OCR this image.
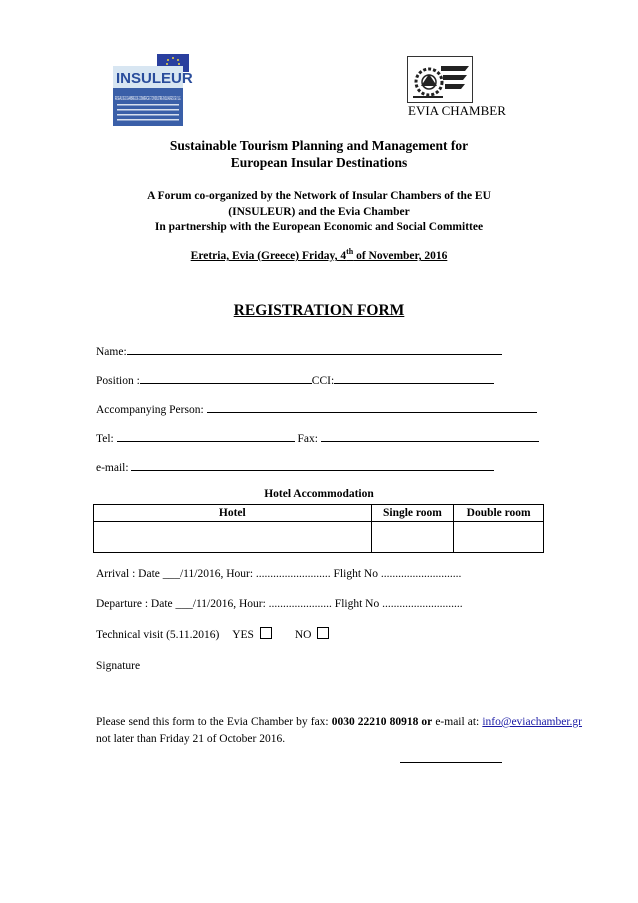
INSULEUR
RESEAU DES CHAMBRES DE COMMERCE ET D'INDUSTRIE INSULAIRES DE L'U.E.
EVIA CHAMBER
Sustainable Tourism Planning and Management for
European Insular Destinations
A Forum co-organized by the Network of Insular Chambers of the EU
(INSULEUR) and the Evia Chamber
In partnership with the European Economic and Social Committee
Eretria, Evia (Greece) Friday, 4th of November, 2016
REGISTRATION FORM
Name:
Position :	CCI:
Accompanying Person:
Tel:	Fax:
e-mail:
Hotel Accommodation
Hotel	Single room	Double room

Arrival : Date ___/11/2016, Hour: .......................... Flight No ............................
Departure : Date ___/11/2016, Hour: ...................... Flight No ............................
Technical visit (5.11.2016) YES	NO
Signature
Please send this form to the Evia Chamber by fax: 0030 22210 80918 or e-mail at: info@eviachamber.gr not later than Friday 21 of October 2016.
